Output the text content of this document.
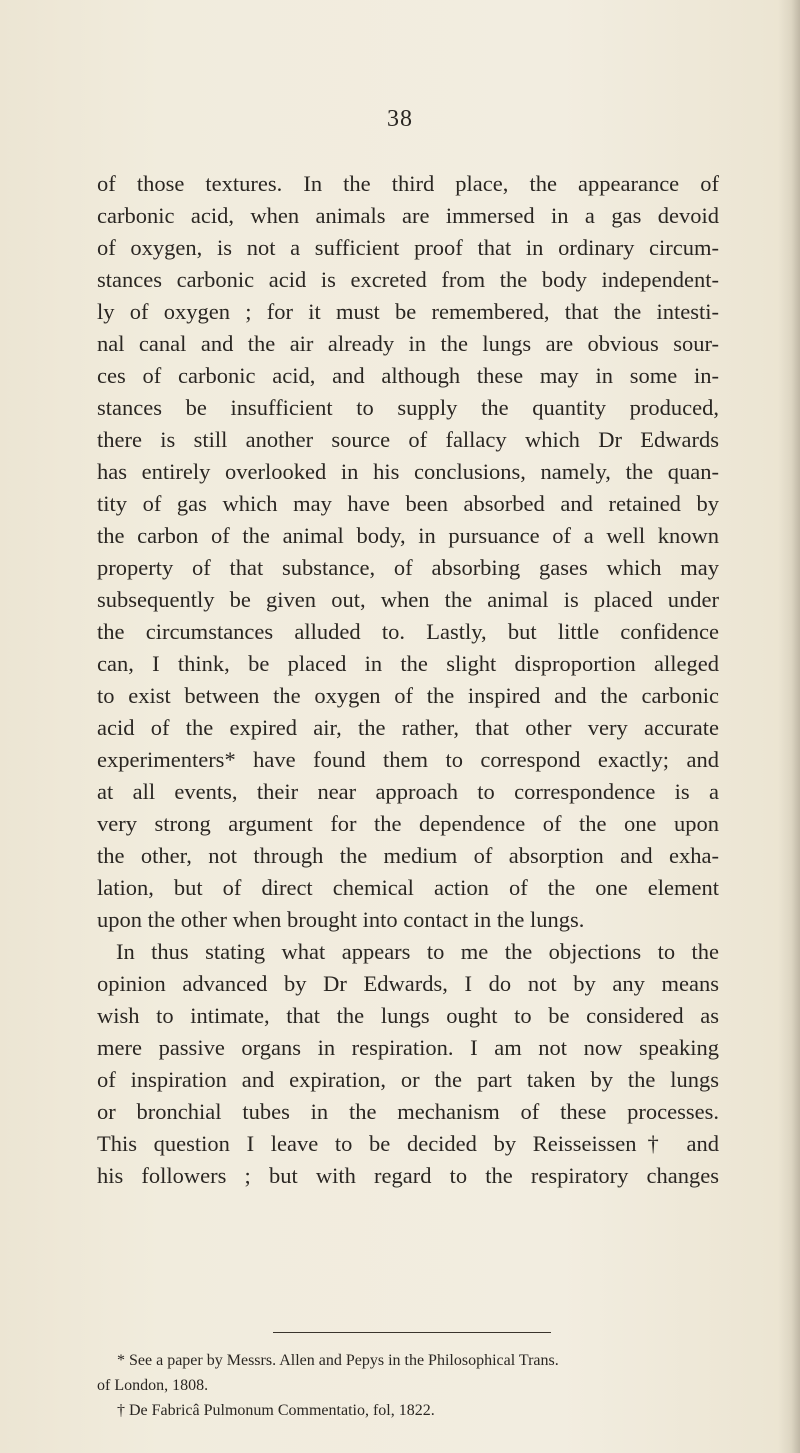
38
of those textures. In the third place, the appearance of
carbonic acid, when animals are immersed in a gas devoid
of oxygen, is not a sufficient proof that in ordinary circum-
stances carbonic acid is excreted from the body independent-
ly of oxygen ; for it must be remembered, that the intesti-
nal canal and the air already in the lungs are obvious sour-
ces of carbonic acid, and although these may in some in-
stances be insufficient to supply the quantity produced,
there is still another source of fallacy which Dr Edwards
has entirely overlooked in his conclusions, namely, the quan-
tity of gas which may have been absorbed and retained by
the carbon of the animal body, in pursuance of a well known
property of that substance, of absorbing gases which may
subsequently be given out, when the animal is placed under
the circumstances alluded to. Lastly, but little confidence
can, I think, be placed in the slight disproportion alleged
to exist between the oxygen of the inspired and the carbonic
acid of the expired air, the rather, that other very accurate
experimenters* have found them to correspond exactly; and
at all events, their near approach to correspondence is a
very strong argument for the dependence of the one upon
the other, not through the medium of absorption and exha-
lation, but of direct chemical action of the one element
upon the other when brought into contact in the lungs.
In thus stating what appears to me the objections to the
opinion advanced by Dr Edwards, I do not by any means
wish to intimate, that the lungs ought to be considered as
mere passive organs in respiration. I am not now speaking
of inspiration and expiration, or the part taken by the lungs
or bronchial tubes in the mechanism of these processes.
This question I leave to be decided by Reisseissen† and
his followers ; but with regard to the respiratory changes
* See a paper by Messrs. Allen and Pepys in the Philosophical Trans.
of London, 1808.
† De Fabricâ Pulmonum Commentatio, fol, 1822.
